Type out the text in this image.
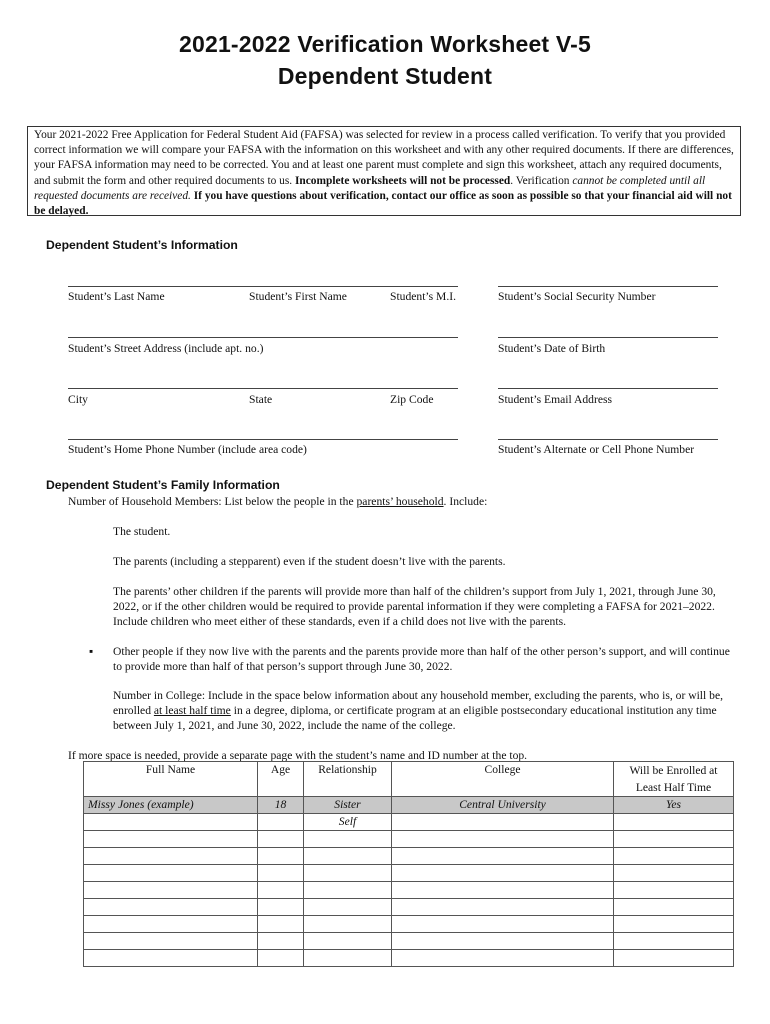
2021-2022 Verification Worksheet V-5
Dependent Student
Your 2021-2022 Free Application for Federal Student Aid (FAFSA) was selected for review in a process called verification. To verify that you provided correct information we will compare your FAFSA with the information on this worksheet and with any other required documents. If there are differences, your FAFSA information may need to be corrected. You and at least one parent must complete and sign this worksheet, attach any required documents, and submit the form and other required documents to us. Incomplete worksheets will not be processed. Verification cannot be completed until all requested documents are received. If you have questions about verification, contact our office as soon as possible so that your financial aid will not be delayed.
Dependent Student’s Information
Student’s Last Name	Student’s First Name	Student’s M.I.	Student’s Social Security Number
Student’s Street Address (include apt. no.)	Student’s Date of Birth
City	State	Zip Code	Student’s Email Address
Student’s Home Phone Number (include area code)	Student’s Alternate or Cell Phone Number
Dependent Student’s Family Information
Number of Household Members: List below the people in the parents’ household. Include:
The student.
The parents (including a stepparent) even if the student doesn’t live with the parents.
The parents’ other children if the parents will provide more than half of the children’s support from July 1, 2021, through June 30, 2022, or if the other children would be required to provide parental information if they were completing a FAFSA for 2021–2022. Include children who meet either of these standards, even if a child does not live with the parents.
▪ Other people if they now live with the parents and the parents provide more than half of the other person’s support, and will continue to provide more than half of that person’s support through June 30, 2022.
Number in College: Include in the space below information about any household member, excluding the parents, who is, or will be, enrolled at least half time in a degree, diploma, or certificate program at an eligible postsecondary educational institution any time between July 1, 2021, and June 30, 2022, include the name of the college.
If more space is needed, provide a separate page with the student’s name and ID number at the top.
Full Name	Age	Relationship	College	Will be Enrolled at Least Half Time
Missy Jones (example)	18	Sister	Central University	Yes
		Self		
